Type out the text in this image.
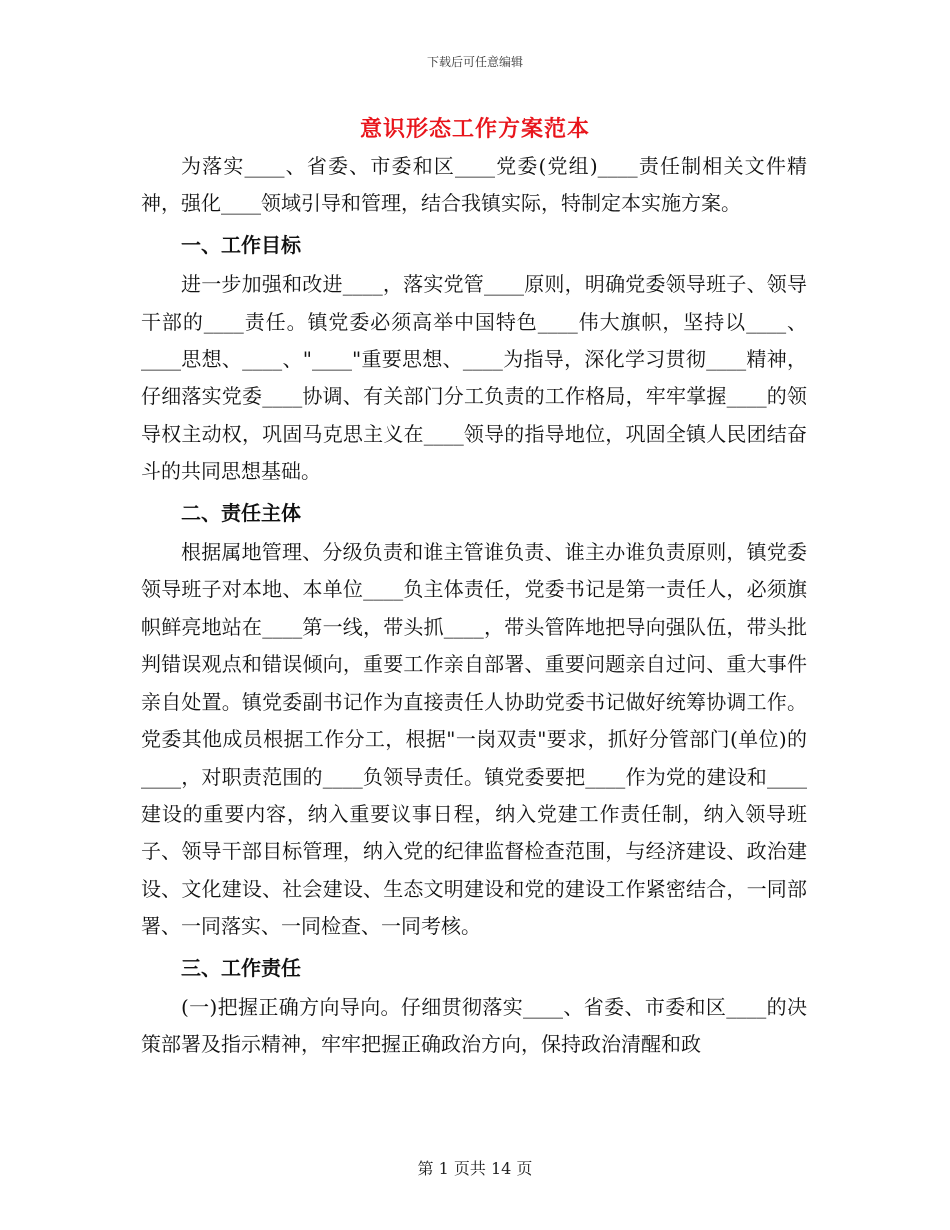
下载后可任意编辑
意识形态工作方案范本

为落实____、省委、市委和区____党委(党组)____责任制相关文件精神，强化____领域引导和管理，结合我镇实际，特制定本实施方案。

一、工作目标

进一步加强和改进____，落实党管____原则，明确党委领导班子、领导干部的____责任。镇党委必须高举中国特色____伟大旗帜，坚持以____、____思想、____、"____"重要思想、____为指导，深化学习贯彻____精神，仔细落实党委____协调、有关部门分工负责的工作格局，牢牢掌握____的领导权主动权，巩固马克思主义在____领导的指导地位，巩固全镇人民团结奋斗的共同思想基础。

二、责任主体

根据属地管理、分级负责和谁主管谁负责、谁主办谁负责原则，镇党委领导班子对本地、本单位____负主体责任，党委书记是第一责任人，必须旗帜鲜亮地站在____第一线，带头抓____，带头管阵地把导向强队伍，带头批判错误观点和错误倾向，重要工作亲自部署、重要问题亲自过问、重大事件亲自处置。镇党委副书记作为直接责任人协助党委书记做好统筹协调工作。党委其他成员根据工作分工，根据"一岗双责"要求，抓好分管部门(单位)的____，对职责范围的____负领导责任。镇党委要把____作为党的建设和____建设的重要内容，纳入重要议事日程，纳入党建工作责任制，纳入领导班子、领导干部目标管理，纳入党的纪律监督检查范围，与经济建设、政治建设、文化建设、社会建设、生态文明建设和党的建设工作紧密结合，一同部署、一同落实、一同检查、一同考核。

三、工作责任

(一)把握正确方向导向。仔细贯彻落实____、省委、市委和区____的决策部署及指示精神，牢牢把握正确政治方向，保持政治清醒和政

第 1 页共 14 页
